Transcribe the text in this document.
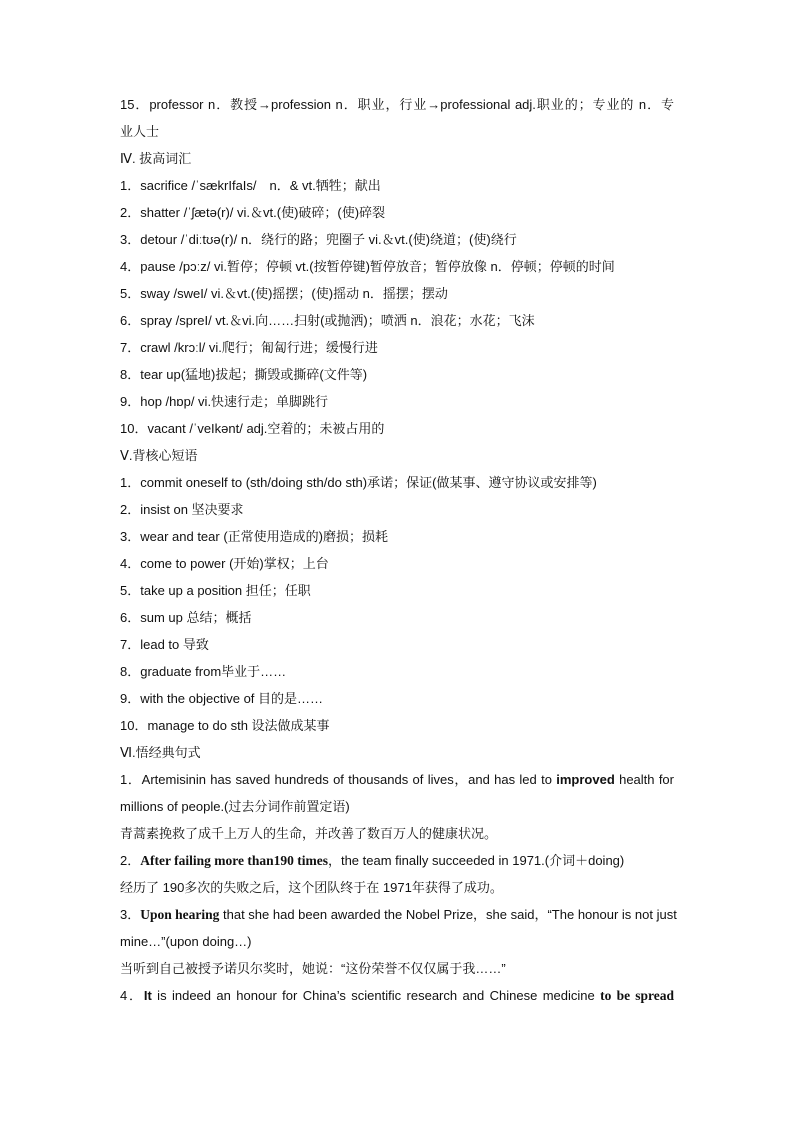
15．professor n．教授→profession n．职业，行业→professional adj.职业的；专业的 n．专
业人士
Ⅳ. 拔高词汇
1．sacrifice /ˈsækrIfaIs/　n．& vt.牺牲；献出
2．shatter /ˈʃætə(r)/ vi.＆vt.(使)破碎；(使)碎裂
3．detour /ˈdiːtʊə(r)/ n．绕行的路；兜圈子 vi.＆vt.(使)绕道；(使)绕行
4．pause /pɔːz/ vi.暂停；停顿 vt.(按暂停键)暂停放音；暂停放像 n．停顿；停顿的时间
5．sway /sweI/ vi.＆vt.(使)摇摆；(使)摇动 n．摇摆；摆动
6．spray /spreI/ vt.＆vi.向……扫射(或抛洒)；喷洒 n．浪花；水花；飞沫
7．crawl /krɔːl/ vi.爬行；匍匐行进；缓慢行进
8．tear up(猛地)拔起；撕毁或撕碎(文件等)
9．hop /hɒp/ vi.快速行走；单脚跳行
10．vacant /ˈveIkənt/ adj.空着的；未被占用的
Ⅴ.背核心短语
1．commit oneself to (sth/doing sth/do sth)承诺；保证(做某事、遵守协议或安排等)
2．insist on 坚决要求
3．wear and tear (正常使用造成的)磨损；损耗
4．come to power (开始)掌权；上台
5．take up a position 担任；任职
6．sum up 总结；概括
7．lead to 导致
8．graduate from毕业于……
9．with the objective of 目的是……
10．manage to do sth 设法做成某事
Ⅵ.悟经典句式
1．Artemisinin has saved hundreds of thousands of lives，and has led to improved health for
millions of people.(过去分词作前置定语)
青蒿素挽救了成千上万人的生命，并改善了数百万人的健康状况。
2．After failing more than190 times，the team finally succeeded in 1971.(介词＋doing)
经历了 190多次的失败之后，这个团队终于在 1971年获得了成功。
3．Upon hearing that she had been awarded the Nobel Prize，she said，“The honour is not just
mine…”(upon doing…)
当听到自己被授予诺贝尔奖时，她说：“这份荣誉不仅仅属于我……”
4．It is indeed an honour for China’s scientific research and Chinese medicine to be spread
